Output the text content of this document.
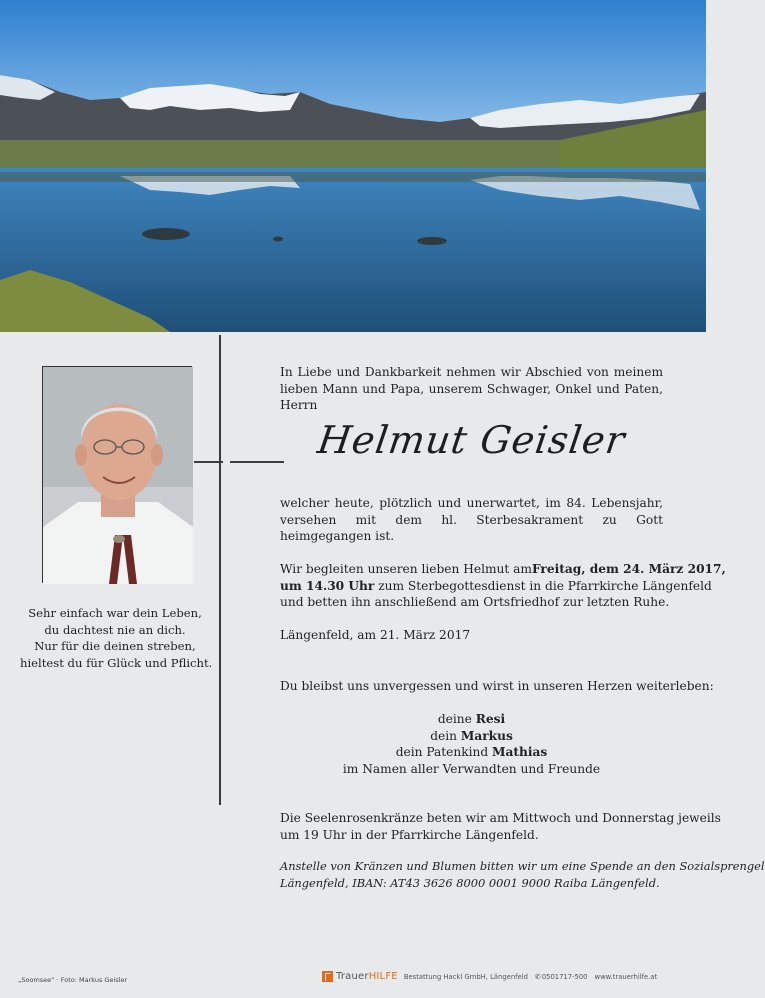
Sehr einfach war dein Leben,
du dachtest nie an dich.
Nur für die deinen streben,
hieltest du für Glück und Pflicht.
In Liebe und Dankbarkeit nehmen wir Abschied von meinem lieben Mann und Papa, unserem Schwager, Onkel und Paten, Herrn
Helmut Geisler
welcher heute, plötzlich und unerwartet, im 84. Lebensjahr, versehen mit dem hl. Sterbesakrament zu Gott heimgegangen ist.
Wir begleiten unseren lieben Helmut am Freitag, dem 24. März 2017,
um 14.30 Uhr zum Sterbegottesdienst in die Pfarrkirche Längenfeld
und betten ihn anschließend am Ortsfriedhof zur letzten Ruhe.
Längenfeld, am 21. März 2017
Du bleibst uns unvergessen und wirst in unseren Herzen weiterleben:
deine Resi
dein Markus
dein Patenkind Mathias
im Namen aller Verwandten und Freunde
Die Seelenrosenkränze beten wir am Mittwoch und Donnerstag jeweils
um 19 Uhr in der Pfarrkirche Längenfeld.
Anstelle von Kränzen und Blumen bitten wir um eine Spende an den Sozialsprengel
Längenfeld, IBAN: AT43 3626 8000 0001 9000 Raiba Längenfeld.
„Soomsee“ · Foto: Markus Geisler	Trauer HILFE Bestattung Hackl GmbH, Längenfeld ✆ 0501717-500 www.trauerhilfe.at
